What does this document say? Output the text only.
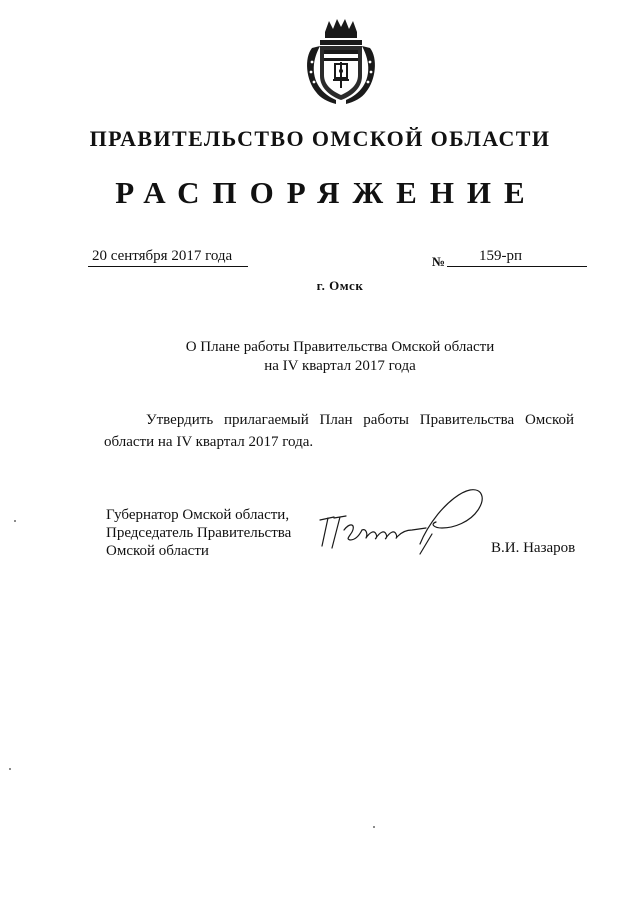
ПРАВИТЕЛЬСТВО ОМСКОЙ ОБЛАСТИ
РАСПОРЯЖЕНИЕ
20 сентября 2017 года	№	159-рп
г. Омск
О Плане работы Правительства Омской области
на IV квартал 2017 года
Утвердить прилагаемый План работы Правительства Омской области на IV квартал 2017 года.
Губернатор Омской области,
Председатель Правительства
Омской области	В.И. Назаров
